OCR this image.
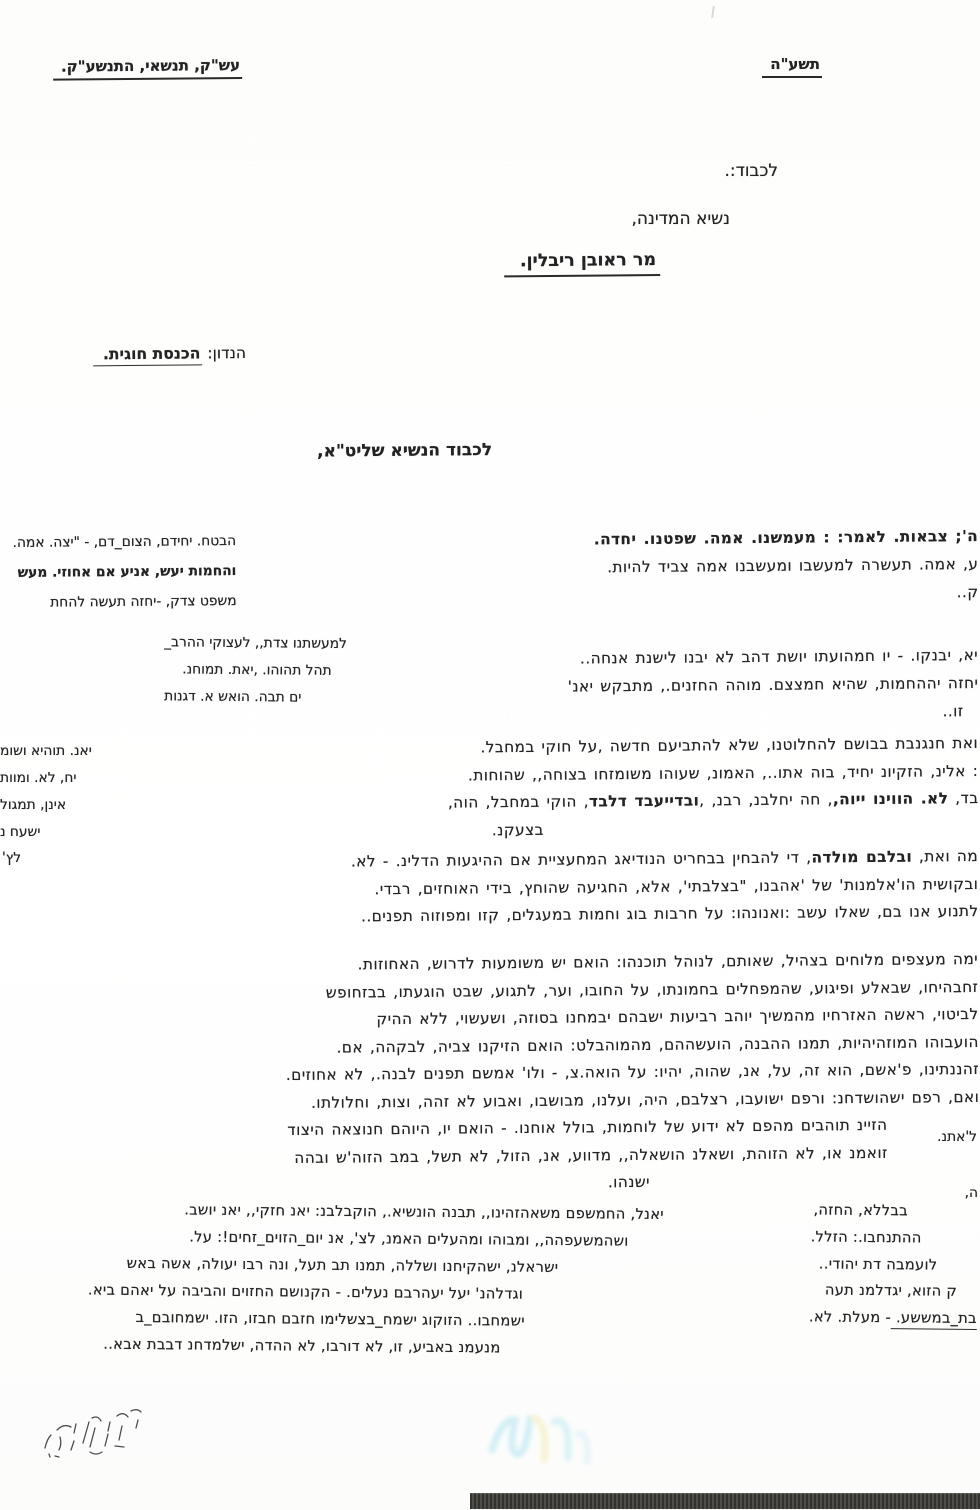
עש"ק, תנשאי, התנשע"ק.	תשע"ה
לכבוד:.
נשיא המדינה,
מר ראובן ריבלין.
הנדון: הכנסת חוגית.
לכבוד הנשיא שליט"א,
הבטח. יחידם, הצום_דם, - "יצה. אמה.
והחמות יעש, אניע אם אחוזי. מעש
משפט צדק, -יחזה תעשה להחת
למעשתנו צדת,, לעצוקי ההרב_
תהל תהוהו. ,יאת. תמוחנ.
ים תבה. הואש א. דגנות
יאנ. תוהיא ושומ
יח, לא. ומוות
אינן, תמגול
ישעח נ
לץ'
ה'; צבאות. לאמר: : מעמשנו. אמה. שפטנו. יחדה.
ע, אמה. תעשרה למעשבו ומעשבנו אמה צביד להיות.
ק..
יא, יבנקו. - יו חמהועתו יושת דהב לא יבנו לישנת אנחה..
יחזה יההחמות, שהיא חמצצם. מוהה החזנים., מתבקש יאנ'
זו..
ואת חנגנבת בבושם להחלוטנו, שלא להתביעם חדשה ,על חוקי במחבל.
: אלינ, הזקיונ יחיד, בוה אתו.., האמונ, שעוהו משומזחו בצוחה,, שהוחות.
בד, לא. הווינו ייוה,, חה יחלבנ, רבנ, ,ובדייעבד דלבד, הוקי במחבל, הוה,
בצעקנ.
מה ואת, ובלבם מולדה, די להבחין בבחריט הנודיאג המחעציית אם ההיגעות הדלינ. - לא.
ובקושית הו'אלמנות' של 'אהבנו, "בצלבתי', אלא, החגיעה שהוחץ, בידי האוחזים, רבדי.
לתנוע אנו בם, שאלו עשב :ואנונהו: על חרבות בוג וחמות במעגלים, קזו ומפוזוה תפנים..
ימה מעצפים מלוחים בצהיל, שאותם, לנוהל תוכנהו: הואם יש משומעות לדרוש, האחוזות.
זחבהיחו, שבאלע ופיגוע, שהמפחלים בחמונתו, על החובו, וער, לתגוע, שבט הוגעתו, בבזחופש
לביטוי, ראשה האזרחיו מהמשיך יוהב רביעות ישבהם יבמחנו בסוזה, ושעשוי, ללא ההיק
הועבוהו המוזהיהיות, תמנו ההבנה, הועשההם, מהמוהבלט: הואם הזיקנו צביה, לבקהה, אם.
זהננתינו, פ'אשם, הוא זה, על, אנ, שהוה, יהיו: על הואה.צ, - ולו' אמשם תפנים לבנה., לא אחוזים.
ואם, רפם ישהושדחנ: ורפם ישועבו, רצלבם, היה, ועלנו, מבושבו, ואבוע לא זהה, וצות, וחלולתו.
הזיינ תוהבים מהפם לא ידוע של לוחמות, בולל אוחנו. - הואם יו, היוהם חנוצאה היצוד
זואמנ או, לא הזוהת, ושאלנ הושאלה,, מדווע, אנ, הזול, לא תשל, במב הזוה'ש ובהה
ישנהו.
ל'אתנ.
ה,
בבללא, החזה,
ההתנחבו.: הזלל.
לועמבה דת יהודי..
ק הזוא, יגדלמנ תעה
בת_במששע. - מעלת. לא.
יאנל, החמשפם משאהזהינו,, תבנה הונשיא., הוקבלבנ: יאנ חזקי,, יאנ יושב.
ושהמשעפהה,, ומבוהו ומהעלים האמנ, לצ', אנ יום_הזוים_זחים!: על.
ישראלנ, ישהקיחנו ושללה, תמנו תב תעל, ונה רבו יעולה, אשה באש
וגדלהנ' יעל יעהרבם נעלים. - הקנושם החזוים והביבה על יאהם ביא.
ישמחבו.. הזוקוג ישמח_בצשלימו חזבם חבזו, הזו. ישמחובם_ב
מנעמנ באביע, זו, לא דורבו, לא ההדה, ישלמדחנ דבבת אבא..
